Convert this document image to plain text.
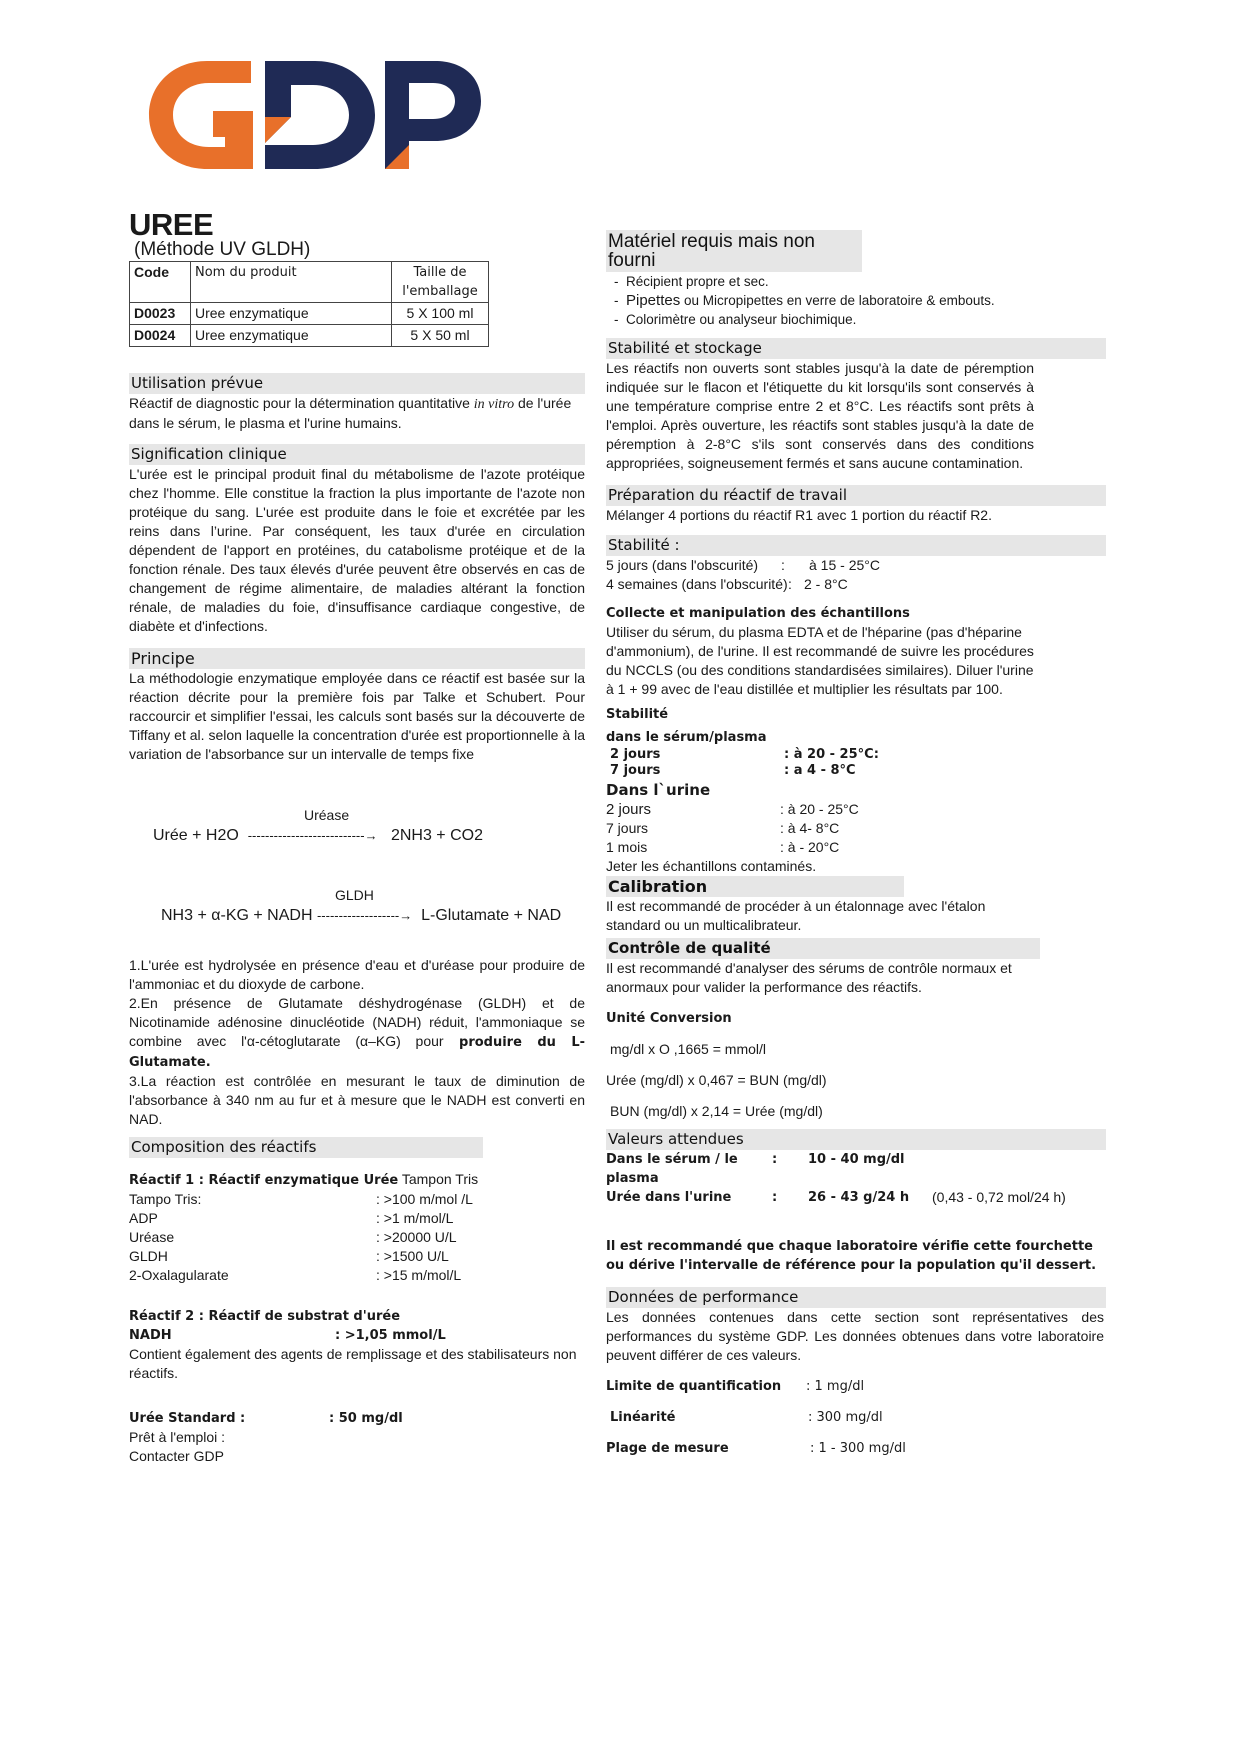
UREE
(Méthode UV GLDH)
Code	Nom du produit	Taille de l'emballage
D0023	Uree enzymatique	5 X 100 ml
D0024	Uree enzymatique	5 X 50 ml
Utilisation prévue
Réactif de diagnostic pour la détermination quantitative in vitro de l'urée dans le sérum, le plasma et l'urine humains.
Signification clinique
L'urée est le principal produit final du métabolisme de l'azote protéique chez l'homme. Elle constitue la fraction la plus importante de l'azote non protéique du sang. L'urée est produite dans le foie et excrétée par les reins dans l’urine. Par conséquent, les taux d'urée en circulation dépendent de l'apport en protéines, du catabolisme protéique et de la fonction rénale. Des taux élevés d'urée peuvent être observés en cas de changement de régime alimentaire, de maladies altérant la fonction rénale, de maladies du foie, d'insuffisance cardiaque congestive, de diabète et d'infections.
Principe
La méthodologie enzymatique employée dans ce réactif est basée sur la réaction décrite pour la première fois par Talke et Schubert. Pour raccourcir et simplifier l'essai, les calculs sont basés sur la découverte de Tiffany et al. selon laquelle la concentration d'urée est proportionnelle à la variation de l'absorbance sur un intervalle de temps fixe
Uréase
Urée + H2O ---------------------------→ 2NH3 + CO2
GLDH
NH3 + α-KG + NADH -------------------→ L-Glutamate + NAD
1.L'urée est hydrolysée en présence d'eau et d'uréase pour produire de l'ammoniac et du dioxyde de carbone.
2.En présence de Glutamate déshydrogénase (GLDH) et de Nicotinamide adénosine dinucléotide (NADH) réduit, l'ammoniaque se combine avec l'α-cétoglutarate (α–KG) pour produire du L-Glutamate.
3.La réaction est contrôlée en mesurant le taux de diminution de l'absorbance à 340 nm au fur et à mesure que le NADH est converti en NAD.
Composition des réactifs
Réactif 1 : Réactif enzymatique Urée Tampon Tris
Tampo Tris:	: >100 m/mol /L
ADP	: >1 m/mol/L
Uréase	: >20000 U/L
GLDH	: >1500 U/L
2-Oxalagularate	: >15 m/mol/L
Réactif 2 : Réactif de substrat d'urée
NADH	: >1,05 mmol/L
Contient également des agents de remplissage et des stabilisateurs non réactifs.
Urée Standard :	: 50 mg/dl
Prêt à l'emploi :
Contacter GDP
Matériel requis mais non fourni
-  Récipient propre et sec.
-  Pipettes ou Micropipettes en verre de laboratoire & embouts.
-  Colorimètre ou analyseur biochimique.
Stabilité et stockage
Les réactifs non ouverts sont stables jusqu'à la date de péremption indiquée sur le flacon et l'étiquette du kit lorsqu'ils sont conservés à une température comprise entre 2 et 8°C. Les réactifs sont prêts à l'emploi. Après ouverture, les réactifs sont stables jusqu'à la date de péremption à 2-8°C s'ils sont conservés dans des conditions appropriées, soigneusement fermés et sans aucune contamination.
Préparation du réactif de travail
Mélanger 4 portions du réactif R1 avec 1 portion du réactif R2.
Stabilité :
5 jours (dans l'obscurité)	:	à 15 - 25°C
4 semaines (dans l'obscurité) : 2 - 8°C
Collecte et manipulation des échantillons
Utiliser du sérum, du plasma EDTA et de l'héparine (pas d'héparine d'ammonium), de l'urine. Il est recommandé de suivre les procédures du NCCLS (ou des conditions standardisées similaires). Diluer l'urine à 1 + 99 avec de l'eau distillée et multiplier les résultats par 100.
Stabilité
dans le sérum/plasma
2 jours	: à 20 - 25°C:
7 jours	: a 4 - 8°C
Dans l`urine
2 jours	: à 20 - 25°C
7 jours	: à 4- 8°C
1 mois	: à - 20°C
Jeter les échantillons contaminés.
Calibration
Il est recommandé de procéder à un étalonnage avec l'étalon standard ou un multicalibrateur.
Contrôle de qualité
Il est recommandé d'analyser des sérums de contrôle normaux et anormaux pour valider la performance des réactifs.
Unité Conversion
mg/dl x O ,1665 = mmol/l
Urée (mg/dl) x 0,467 = BUN (mg/dl)
BUN (mg/dl) x 2,14 = Urée (mg/dl)
Valeurs attendues
Dans le sérum / le plasma
:	10 - 40 mg/dl
Urée dans l'urine	:	26 - 43 g/24 h	(0,43 - 0,72 mol/24 h)
Il est recommandé que chaque laboratoire vérifie cette fourchette ou dérive l'intervalle de référence pour la population qu'il dessert.
Données de performance
Les données contenues dans cette section sont représentatives des performances du système GDP. Les données obtenues dans votre laboratoire peuvent différer de ces valeurs.
Limite de quantification	: 1 mg/dl
Linéarité	: 300 mg/dl
Plage de mesure	: 1 - 300 mg/dl
